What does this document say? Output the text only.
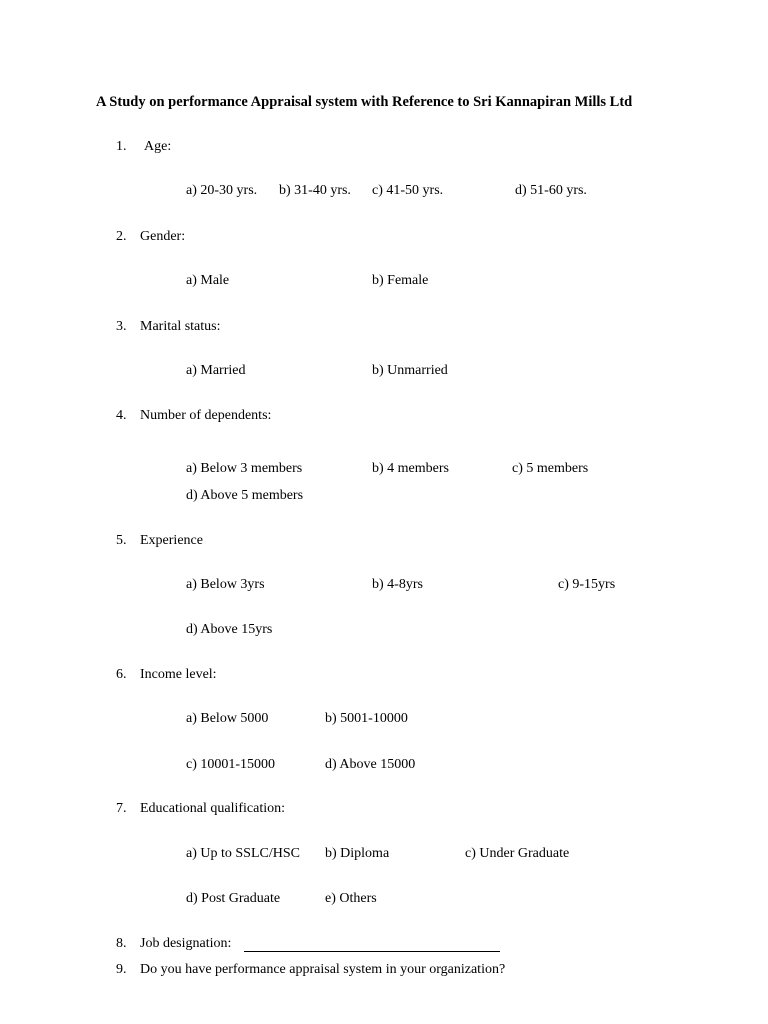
A Study on performance Appraisal system with Reference to Sri Kannapiran Mills Ltd
1. Age:
a) 20-30 yrs. b) 31-40 yrs. c) 41-50 yrs.	d) 51-60 yrs.
2. Gender:
a) Male	b) Female
3. Marital status:
a) Married	b) Unmarried
4. Number of dependents:
a) Below 3 members	b) 4 members	c) 5 members
d) Above 5 members
5. Experience
a) Below 3yrs	b) 4-8yrs	c) 9-15yrs
d) Above 15yrs
6. Income level:
a) Below 5000	b) 5001-10000
c) 10001-15000	d) Above 15000
7. Educational qualification:
a) Up to SSLC/HSC b) Diploma	c) Under Graduate
d) Post Graduate	e) Others
8. Job designation:
9. Do you have performance appraisal system in your organization?
